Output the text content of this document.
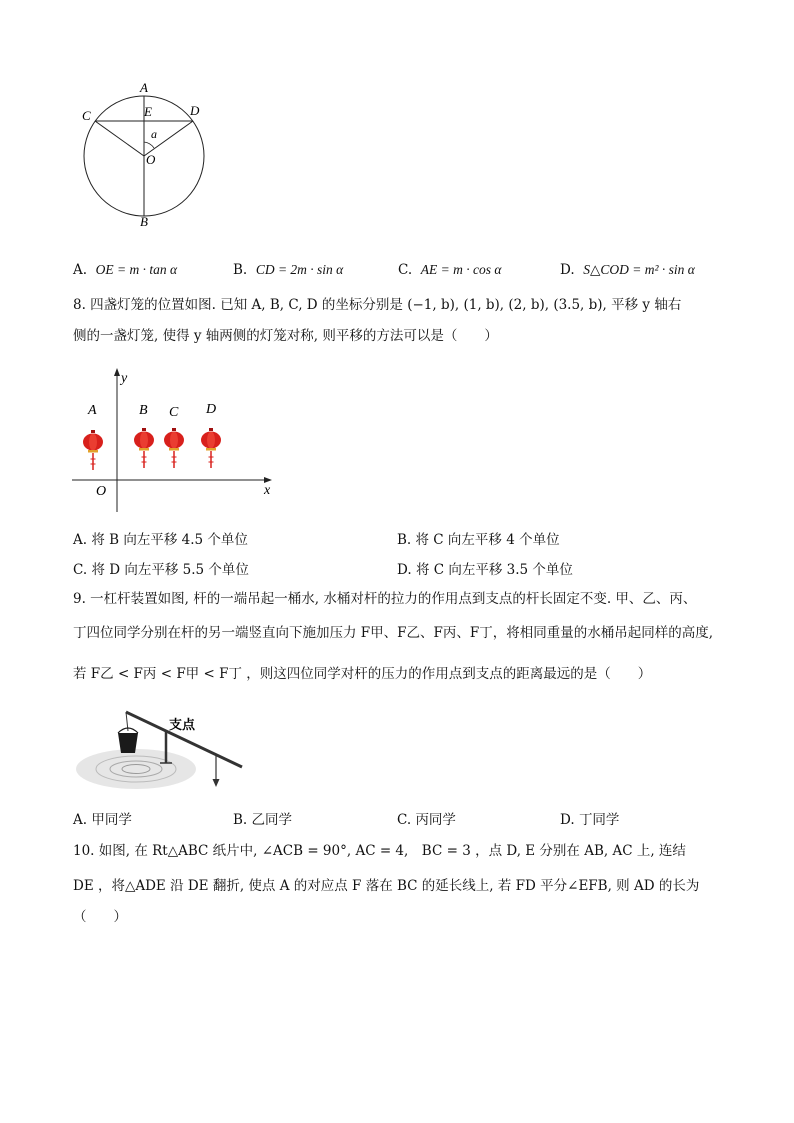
A
B
C	D
E
O
a
A. OE = m · tan α	B. CD = 2m · sin α	C. AE = m · cos α	D. S△COD = m² · sin α
8. 四盏灯笼的位置如图. 已知 A, B, C, D 的坐标分别是 (−1, b), (1, b), (2, b), (3.5, b), 平移 y 轴右
侧的一盏灯笼, 使得 y 轴两侧的灯笼对称, 则平移的方法可以是（　　）
y
x
O
A	B C D
A. 将 B 向左平移 4.5 个单位	B. 将 C 向左平移 4 个单位
C. 将 D 向左平移 5.5 个单位	D. 将 C 向左平移 3.5 个单位
9. 一杠杆装置如图, 杆的一端吊起一桶水, 水桶对杆的拉力的作用点到支点的杆长固定不变. 甲、乙、丙、
丁四位同学分别在杆的另一端竖直向下施加压力 F甲、F乙、F丙、F丁，将相同重量的水桶吊起同样的高度,
若 F乙 < F丙 < F甲 < F丁 ，则这四位同学对杆的压力的作用点到支点的距离最远的是（　　）
支点
A. 甲同学	B. 乙同学	C. 丙同学	D. 丁同学
10. 如图, 在 Rt△ABC 纸片中, ∠ACB = 90°, AC = 4,　BC = 3 ，点 D, E 分别在 AB, AC 上, 连结
DE ，将△ADE 沿 DE 翻折, 使点 A 的对应点 F 落在 BC 的延长线上, 若 FD 平分∠EFB, 则 AD 的长为
（　　）
